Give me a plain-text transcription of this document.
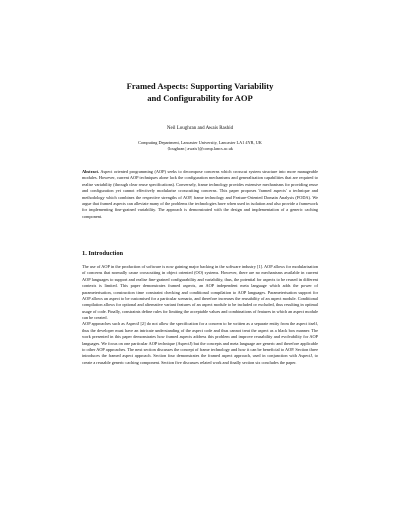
Framed Aspects: Supporting Variability
and Configurability for AOP
Neil Loughran and Awais Rashid
Computing Department, Lancaster University, Lancaster LA1 4YR, UK
{loughran | awais}@comp.lancs.ac.uk
Abstract. Aspect oriented programming (AOP) seeks to decompose concerns which crosscut system structure into more manageable modules. However, current AOP techniques alone lack the configuration mechanisms and generalisation capabilities that are required to realise variability (through clear reuse specifications). Conversely, frame technology provides extensive mechanisms for providing reuse and configuration yet cannot effectively modularise crosscutting concerns. This paper proposes 'framed aspects' a technique and methodology which combines the respective strengths of AOP, frame technology and Feature-Oriented Domain Analysis (FODA). We argue that framed aspects can alleviate many of the problems the technologies have when used in isolation and also provide a framework for implementing fine-grained variability. The approach is demonstrated with the design and implementation of a generic caching component.
1. Introduction

The use of AOP in the production of software is now gaining major backing in the software industry [1]. AOP allows for modularisation of concerns that normally cause crosscutting in object oriented (OO) systems. However, there are no mechanisms available in current AOP languages to support and realise fine-grained configurability and variability, thus, the potential for aspects to be reused in different contexts is limited. This paper demonstrates framed aspects, an AOP independent meta language which adds the power of parameterisation, construction time constraint checking and conditional compilation to AOP languages. Parameterisation support for AOP allows an aspect to be customised for a particular scenario, and therefore increases the reusability of an aspect module. Conditional compilation allows for optional and alternative variant features of an aspect module to be included or excluded, thus resulting in optimal usage of code. Finally, constraints define rules for limiting the acceptable values and combinations of features in which an aspect module can be created.

AOP approaches such as AspectJ [2] do not allow the specification for a concern to be written as a separate entity from the aspect itself, thus the developer must have an intricate understanding of the aspect code and thus cannot treat the aspect as a black box manner. The work presented in this paper demonstrates how framed aspects address this problem and improve reusability and evolvability for AOP languages. We focus on one particular AOP technique (AspectJ) but the concepts and meta language are generic and therefore applicable to other AOP approaches. The next section discusses the concept of frame technology and how it can be beneficial to AOP. Section three introduces the framed aspect approach. Section four demonstrates the framed aspect approach, used in conjunction with AspectJ, to create a reusable generic caching component. Section five discusses related work and finally section six concludes the paper.
